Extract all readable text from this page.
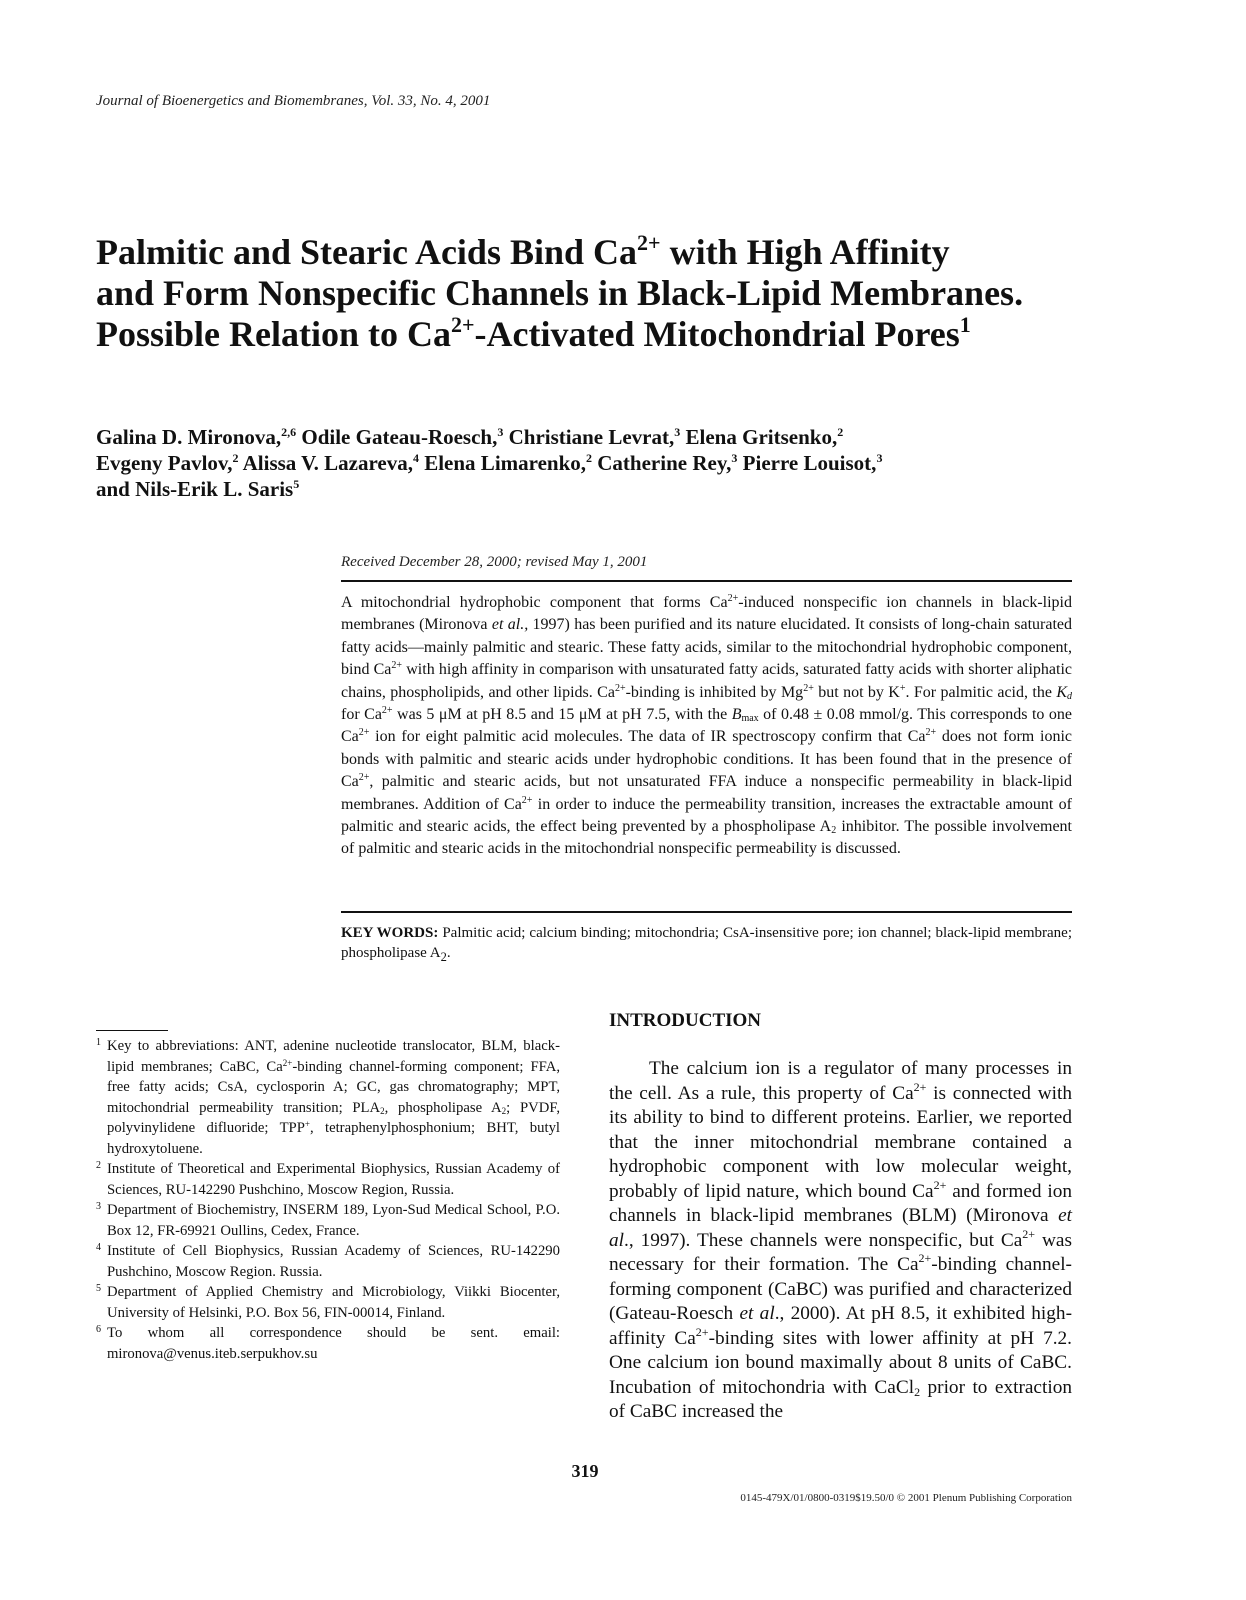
Journal of Bioenergetics and Biomembranes, Vol. 33, No. 4, 2001
Palmitic and Stearic Acids Bind $Ca^{2+}$ with High Affinity
and Form Nonspecific Channels in Black-Lipid Membranes.
Possible Relation to $Ca^{2+}$-Activated Mitochondrial Pores$^1$
Galina D. Mironova,$^{2,6}$ Odile Gateau-Roesch,$^3$ Christiane Levrat,$^3$ Elena Gritsenko,$^2$
Evgeny Pavlov,$^2$ Alissa V. Lazareva,$^4$ Elena Limarenko,$^2$ Catherine Rey,$^3$ Pierre Louisot,$^3$
and Nils-Erik L. Saris$^5$
Received December 28, 2000; revised May 1, 2001
A mitochondrial hydrophobic component that forms $Ca^{2+}$-induced nonspecific ion channels in black-lipid membranes (Mironova et al., 1997) has been purified and its nature elucidated. It consists of long-chain saturated fatty acids—mainly palmitic and stearic. These fatty acids, similar to the mitochondrial hydrophobic component, bind $Ca^{2+}$ with high affinity in comparison with unsaturated fatty acids, saturated fatty acids with shorter aliphatic chains, phospholipids, and other lipids. $Ca^{2+}$-binding is inhibited by $Mg^{2+}$ but not by K+. For palmitic acid, the $K_d$ for $Ca^{2+}$ was 5 μM at pH 8.5 and 15 μM at pH 7.5, with the $B_{max}$ of 0.48 ± 0.08 mmol/g. This corresponds to one $Ca^{2+}$ ion for eight palmitic acid molecules. The data of IR spectroscopy confirm that $Ca^{2+}$ does not form ionic bonds with palmitic and stearic acids under hydrophobic conditions. It has been found that in the presence of $Ca^{2+}$, palmitic and stearic acids, but not unsaturated FFA induce a nonspecific permeability in black-lipid membranes. Addition of $Ca^{2+}$ in order to induce the permeability transition, increases the extractable amount of palmitic and stearic acids, the effect being prevented by a phospholipase $A_2$ inhibitor. The possible involvement of palmitic and stearic acids in the mitochondrial nonspecific permeability is discussed.
KEY WORDS: Palmitic acid; calcium binding; mitochondria; CsA-insensitive pore; ion channel; black-lipid membrane; phospholipase $A_2$.
1 Key to abbreviations: ANT, adenine nucleotide translocator, BLM, black-lipid membranes; CaBC, $Ca^{2+}$-binding channel-forming component; FFA, free fatty acids; CsA, cyclosporin A; GC, gas chromatography; MPT, mitochondrial permeability transition; $PLA_2$, phospholipase $A_2$; PVDF, polyvinylidene difluoride; TPP+, tetraphenylphosphonium; BHT, butyl hydroxytoluene.
2 Institute of Theoretical and Experimental Biophysics, Russian Academy of Sciences, RU-142290 Pushchino, Moscow Region, Russia.
3 Department of Biochemistry, INSERM 189, Lyon-Sud Medical School, P.O. Box 12, FR-69921 Oullins, Cedex, France.
4 Institute of Cell Biophysics, Russian Academy of Sciences, RU-142290 Pushchino, Moscow Region. Russia.
5 Department of Applied Chemistry and Microbiology, Viikki Biocenter, University of Helsinki, P.O. Box 56, FIN-00014, Finland.
6 To whom all correspondence should be sent. email: mironova@venus.iteb.serpukhov.su
INTRODUCTION
The calcium ion is a regulator of many processes in the cell. As a rule, this property of $Ca^{2+}$ is connected with its ability to bind to different proteins. Earlier, we reported that the inner mitochondrial membrane contained a hydrophobic component with low molecular weight, probably of lipid nature, which bound $Ca^{2+}$ and formed ion channels in black-lipid membranes (BLM) (Mironova et al., 1997). These channels were nonspecific, but $Ca^{2+}$ was necessary for their formation. The $Ca^{2+}$-binding channel-forming component (CaBC) was purified and characterized (Gateau-Roesch et al., 2000). At pH 8.5, it exhibited high-affinity $Ca^{2+}$-binding sites with lower affinity at pH 7.2. One calcium ion bound maximally about 8 units of CaBC. Incubation of mitochondria with CaCl$_2$ prior to extraction of CaBC increased the
319
0145-479X/01/0800-0319$19.50/0 © 2001 Plenum Publishing Corporation
